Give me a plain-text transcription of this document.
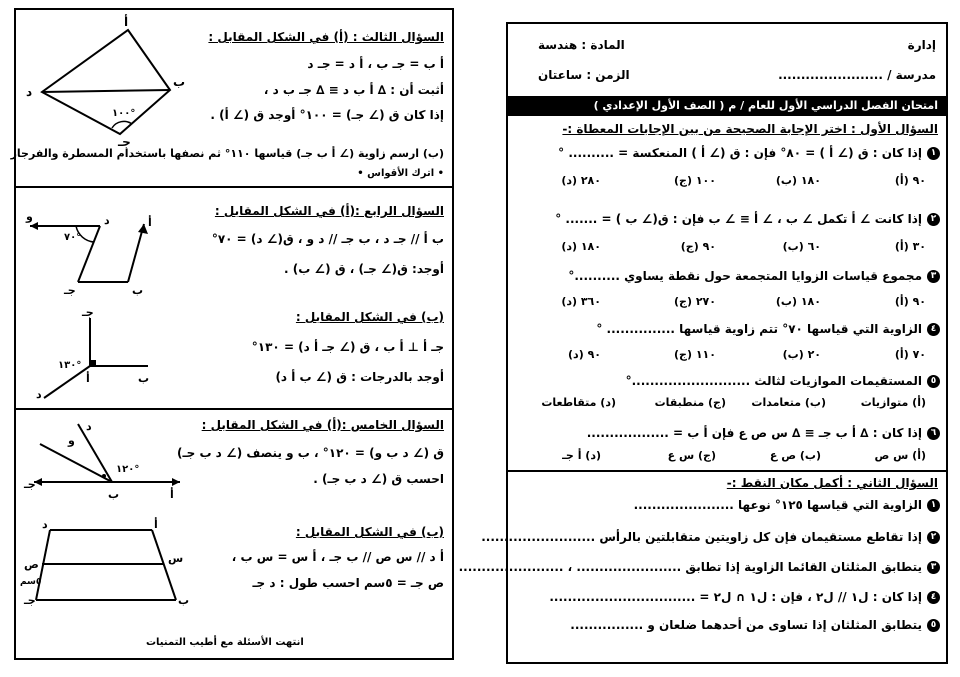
إدارة
المادة : هندسة
مدرسة / .......................
الزمن : ساعتان
امتحان الفصل الدراسي الأول للعام / م ( الصف الأول الإعدادي )
السؤال الأول : اختر الإجابة الصحيحة من بين الإجابات المعطاة :-
١
إذا كان : ق (∠ أ ) = ٨٠° فإن : ق (∠ أ ) المنعكسة = .......... °
٩٠ (أ)
١٨٠ (ب)
١٠٠ (ج)
٢٨٠ (د)
٢
إذا كانت ∠ أ تكمل ∠ ب ، ∠ أ ≡ ∠ ب فإن : ق(∠ ب ) = ....... °
٣٠ (أ)
٦٠ (ب)
٩٠ (ج)
١٨٠ (د)
٣
مجموع قياسات الزوايا المتجمعة حول نقطة يساوي ..........°
٩٠ (أ)
١٨٠ (ب)
٢٧٠ (ج)
٣٦٠ (د)
٤
الزاوية التي قياسها ٧٠° تتم زاوية قياسها ............... °
٧٠ (أ)
٢٠ (ب)
١١٠ (ج)
٩٠ (د)
٥
المستقيمات الموازيات لثالث ..........................°
(أ) متوازيات
(ب) متعامدات
(ج) منطبقات
(د) متقاطعات
٦
إذا كان : ∆ أ ب جـ ≡ ∆ س ص ع فإن أ ب = ..................
(أ) س ص
(ب) ص ع
(ج) س ع
(د) أ جـ
السؤال الثاني : أكمل مكان النقط :-
١
الزاوية التي قياسها ١٢٥° نوعها ......................
٢
إذا تقاطع مستقيمان فإن كل زاويتين متقابلتين بالرأس .........................
٣
يتطابق المثلثان القائما الزاوية إذا تطابق ....................... ، .......................
٤
إذا كان : ل١ // ل٢ ، فإن : ل١ ∩ ل٢ = ................................
٥
يتطابق المثلثان إذا تساوى من أحدهما ضلعان و ................
السؤال الثالث : (أ) في الشكل المقابل :
أ ب = جـ ب ، أ د = جـ د
أثبت أن : ∆ أ ب د ≡ ∆ جـ ب د ،
إذا كان ق (∠ جـ) = ١٠٠° أوجد ق (∠ أ) .
(ب) ارسم زاوية (∠ أ ب جـ) قياسها ١١٠° ثم نصفها باستخدام المسطرة والفرجار
• اترك الأقواس •
أ
ب
جـ
د
١٠٠°
السؤال الرابع :(أ) في الشكل المقابل :
ب أ // جـ د ، ب جـ // د و ، ق(∠ د) = ٧٠°
أوجد: ق(∠ جـ) ، ق (∠ ب) .
٧٠°
و	د
جـ	ب
أ
(ب) في الشكل المقابل :
جـ أ ⊥ أ ب ، ق (∠ جـ أ د) = ١٣٠°
أوجد بالدرجات : ق (∠ ب أ د)
١٣٠°
جـ
ب
أ
د
السؤال الخامس :(أ) في الشكل المقابل :
ق (∠ د ب و) = ١٢٠° ، ب و ينصف (∠ د ب جـ)
احسب ق (∠ د ب جـ) .
١٢٠°
د
و
جـ
ب	أ
(ب) في الشكل المقابل :
أ د // س ص // ب جـ ، أ س = س ب ،
ص جـ = ٥سم احسب طول : د جـ
د	أ
ص	س
جـ	ب
٥سم
انتهت الأسئلة مع أطيب التمنيات
